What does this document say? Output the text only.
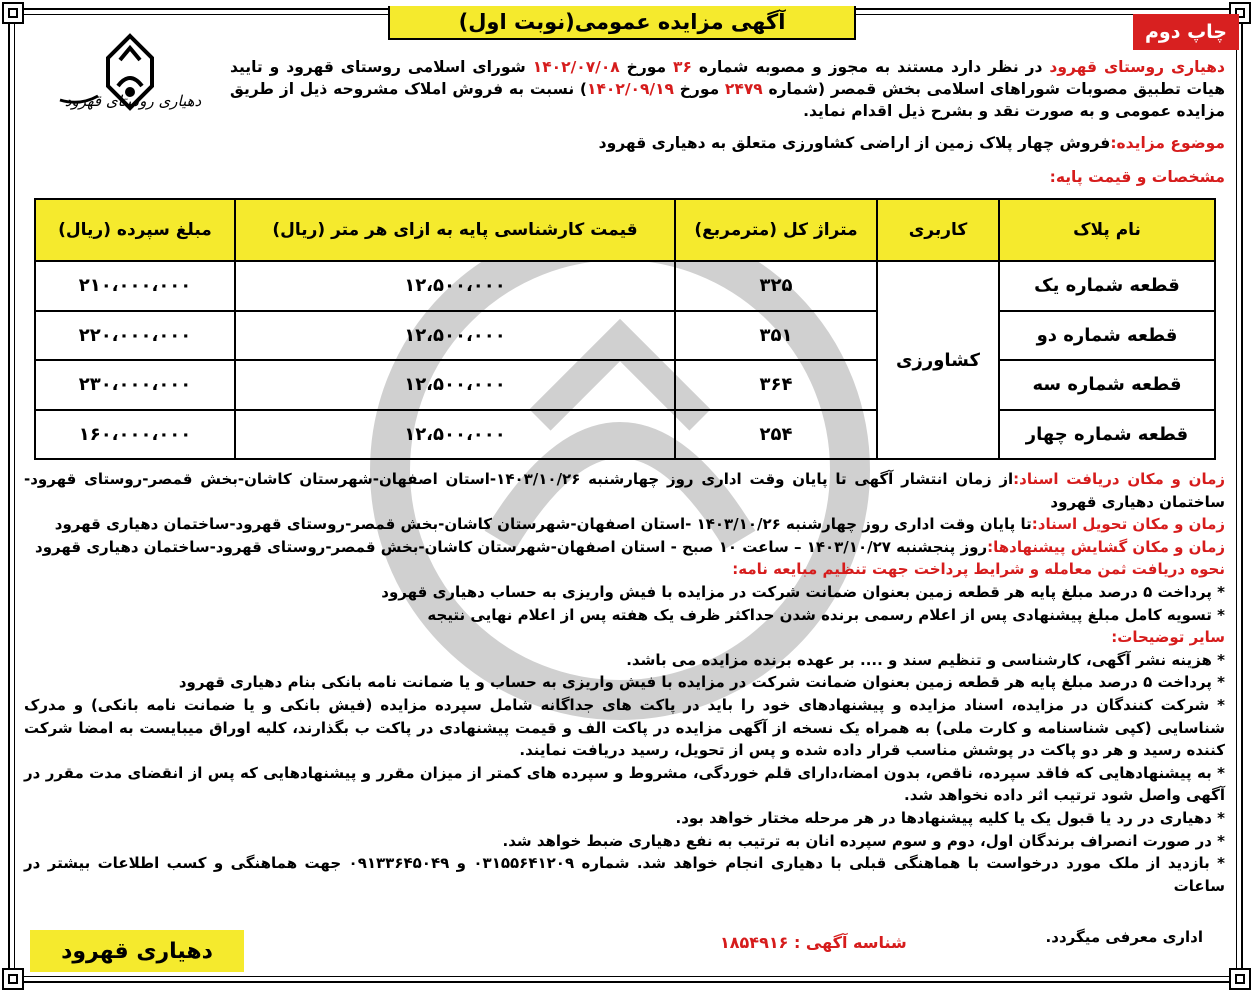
آگهی مزایده عمومی(نوبت اول)	چاپ دوم
دهیاری روستای قهرود
دهیاری روستای قهرود در نظر دارد مستند به مجوز و مصوبه شماره ۳۶ مورخ ۱۴۰۲/۰۷/۰۸ شورای اسلامی روستای قهرود و تایید هیات تطبیق مصوبات شوراهای اسلامی بخش قمصر (شماره ۲۴۷۹ مورخ ۱۴۰۲/۰۹/۱۹) نسبت به فروش املاک مشروحه ذیل از طریق مزایده عمومی و به صورت نقد و بشرح ذیل اقدام نماید.
موضوع مزایده:فروش چهار پلاک زمین از اراضی کشاورزی متعلق به دهیاری قهرود
مشخصات و قیمت پایه:
نام پلاک	کاربری	متراژ کل (مترمربع)	قیمت کارشناسی پایه به ازای هر متر (ریال)	مبلغ سپرده (ریال)
قطعه شماره یک	کشاورزی	۳۲۵	۱۲،۵۰۰،۰۰۰	۲۱۰،۰۰۰،۰۰۰
قطعه شماره دو		۳۵۱	۱۲،۵۰۰،۰۰۰	۲۲۰،۰۰۰،۰۰۰
قطعه شماره سه		۳۶۴	۱۲،۵۰۰،۰۰۰	۲۳۰،۰۰۰،۰۰۰
قطعه شماره چهار		۲۵۴	۱۲،۵۰۰،۰۰۰	۱۶۰،۰۰۰،۰۰۰

زمان و مکان دریافت اسناد:از زمان انتشار آگهی تا پایان وقت اداری روز چهارشنبه ۱۴۰۳/۱۰/۲۶-استان اصفهان-شهرستان کاشان-بخش قمصر-روستای قهرود-ساختمان دهیاری قهرود

زمان و مکان تحویل اسناد:تا پایان وقت اداری روز چهارشنبه ۱۴۰۳/۱۰/۲۶ -استان اصفهان-شهرستان کاشان-بخش قمصر-روستای قهرود-ساختمان دهیاری قهرود

زمان و مکان گشایش پیشنهادها:روز پنجشنبه ۱۴۰۳/۱۰/۲۷ – ساعت ۱۰ صبح - استان اصفهان-شهرستان کاشان-بخش قمصر-روستای قهرود-ساختمان دهیاری قهرود

نحوه دریافت ثمن معامله و شرایط پرداخت جهت تنظیم مبایعه نامه:

* پرداخت ۵ درصد مبلغ پایه هر قطعه زمین بعنوان ضمانت شرکت در مزایده با فیش واریزی به حساب دهیاری قهرود

* تسویه کامل مبلغ پیشنهادی پس از اعلام رسمی برنده شدن حداکثر ظرف یک هفته پس از اعلام نهایی نتیجه

سایر توضیحات:

* هزینه نشر آگهی، کارشناسی و تنظیم سند و .... بر عهده برنده مزایده می باشد.

* پرداخت ۵ درصد مبلغ پایه هر قطعه زمین بعنوان ضمانت شرکت در مزایده با فیش واریزی به حساب و یا ضمانت نامه بانکی بنام دهیاری قهرود

* شرکت کنندگان در مزایده، اسناد مزایده و پیشنهادهای خود را باید در پاکت های جداگانه شامل سپرده مزایده (فیش بانکی و یا ضمانت نامه بانکی) و مدرک شناسایی (کپی شناسنامه و کارت ملی) به همراه یک نسخه از آگهی مزایده در پاکت الف و قیمت پیشنهادی در پاکت ب بگذارند، کلیه اوراق میبایست به امضا شرکت کننده رسید و هر دو پاکت در پوشش مناسب قرار داده شده و پس از تحویل، رسید دریافت نمایند.

* به پیشنهادهایی که فاقد سپرده، ناقص، بدون امضا،دارای قلم خوردگی، مشروط و سپرده های کمتر از میزان مقرر و پیشنهادهایی که پس از انقضای مدت مقرر در آگهی واصل شود ترتیب اثر داده نخواهد شد.

* دهیاری در رد یا قبول یک یا کلیه پیشنهادها در هر مرحله مختار خواهد بود.

* در صورت انصراف برندگان اول، دوم و سوم سپرده انان به ترتیب به نفع دهیاری ضبط خواهد شد.

* بازدید از ملک مورد درخواست با هماهنگی قبلی با دهیاری انجام خواهد شد. شماره ۰۳۱۵۵۶۴۱۲۰۹ و ۰۹۱۳۳۶۴۵۰۴۹ جهت هماهنگی و کسب اطلاعات بیشتر در ساعات

اداری معرفی میگردد.
شناسه آگهی : ۱۸۵۴۹۱۶
دهیاری قهرود
